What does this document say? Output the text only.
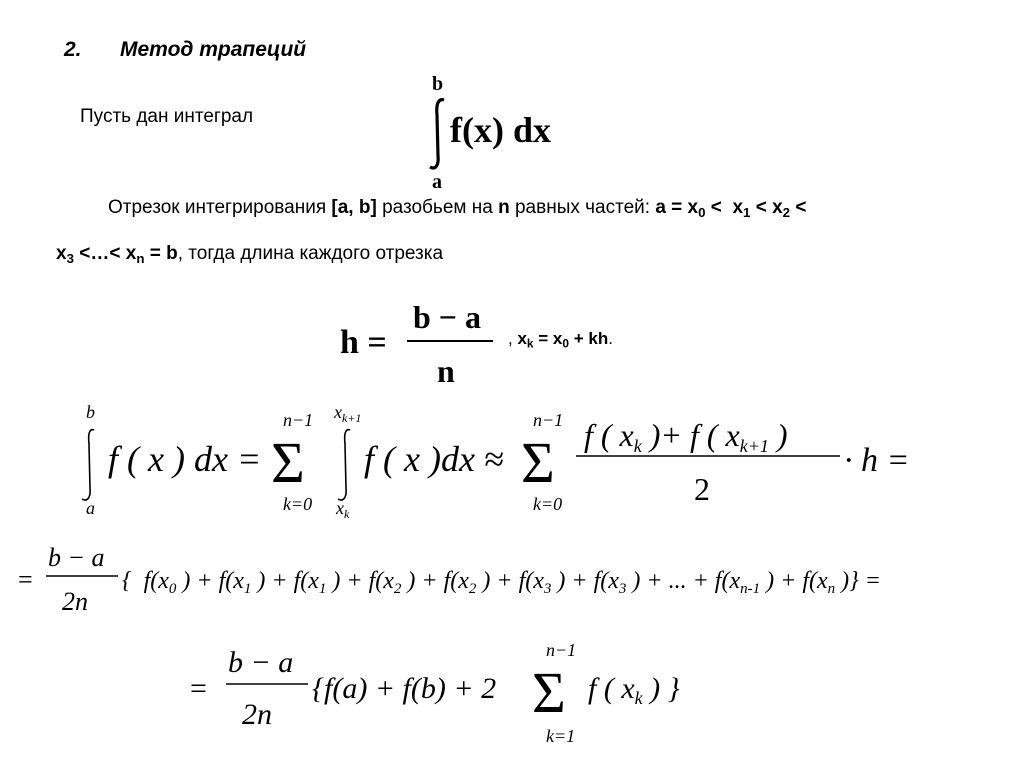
2. Метод трапеций
Пусть дан интеграл
b
f(x) dx
a
Отрезок интегрирования [a, b] разобьем на n равных частей: $a = x_0 < x_1 < x_2$ <
$x_3$ <…< $x_n = b$, тогда длина каждого отрезка
h =
b − a
n
, $x_k = x_0$ + kh.
b
a
f ( x ) dx =
n−1
Σ
k=0
$x_{k+1}$
$x_k$
f ( x )dx ≈
n−1
Σ
k=0
f ( xk )+ f ( xk+1 )
2
· h =
=
b − a
2n
{  $f(x_0$ ) + $f(x_1$ ) + $f(x_1$ ) + $f(x_2$ ) + $f(x_2$ ) + $f(x_3$ ) + $f(x_3$ ) + ... + $f(x_{n-1}$ ) + $f(x_n$ )} =
=
b − a
2n
{f(a) + f(b) + 2
n−1
Σ
k=1
f ( $x_k$ ) }
